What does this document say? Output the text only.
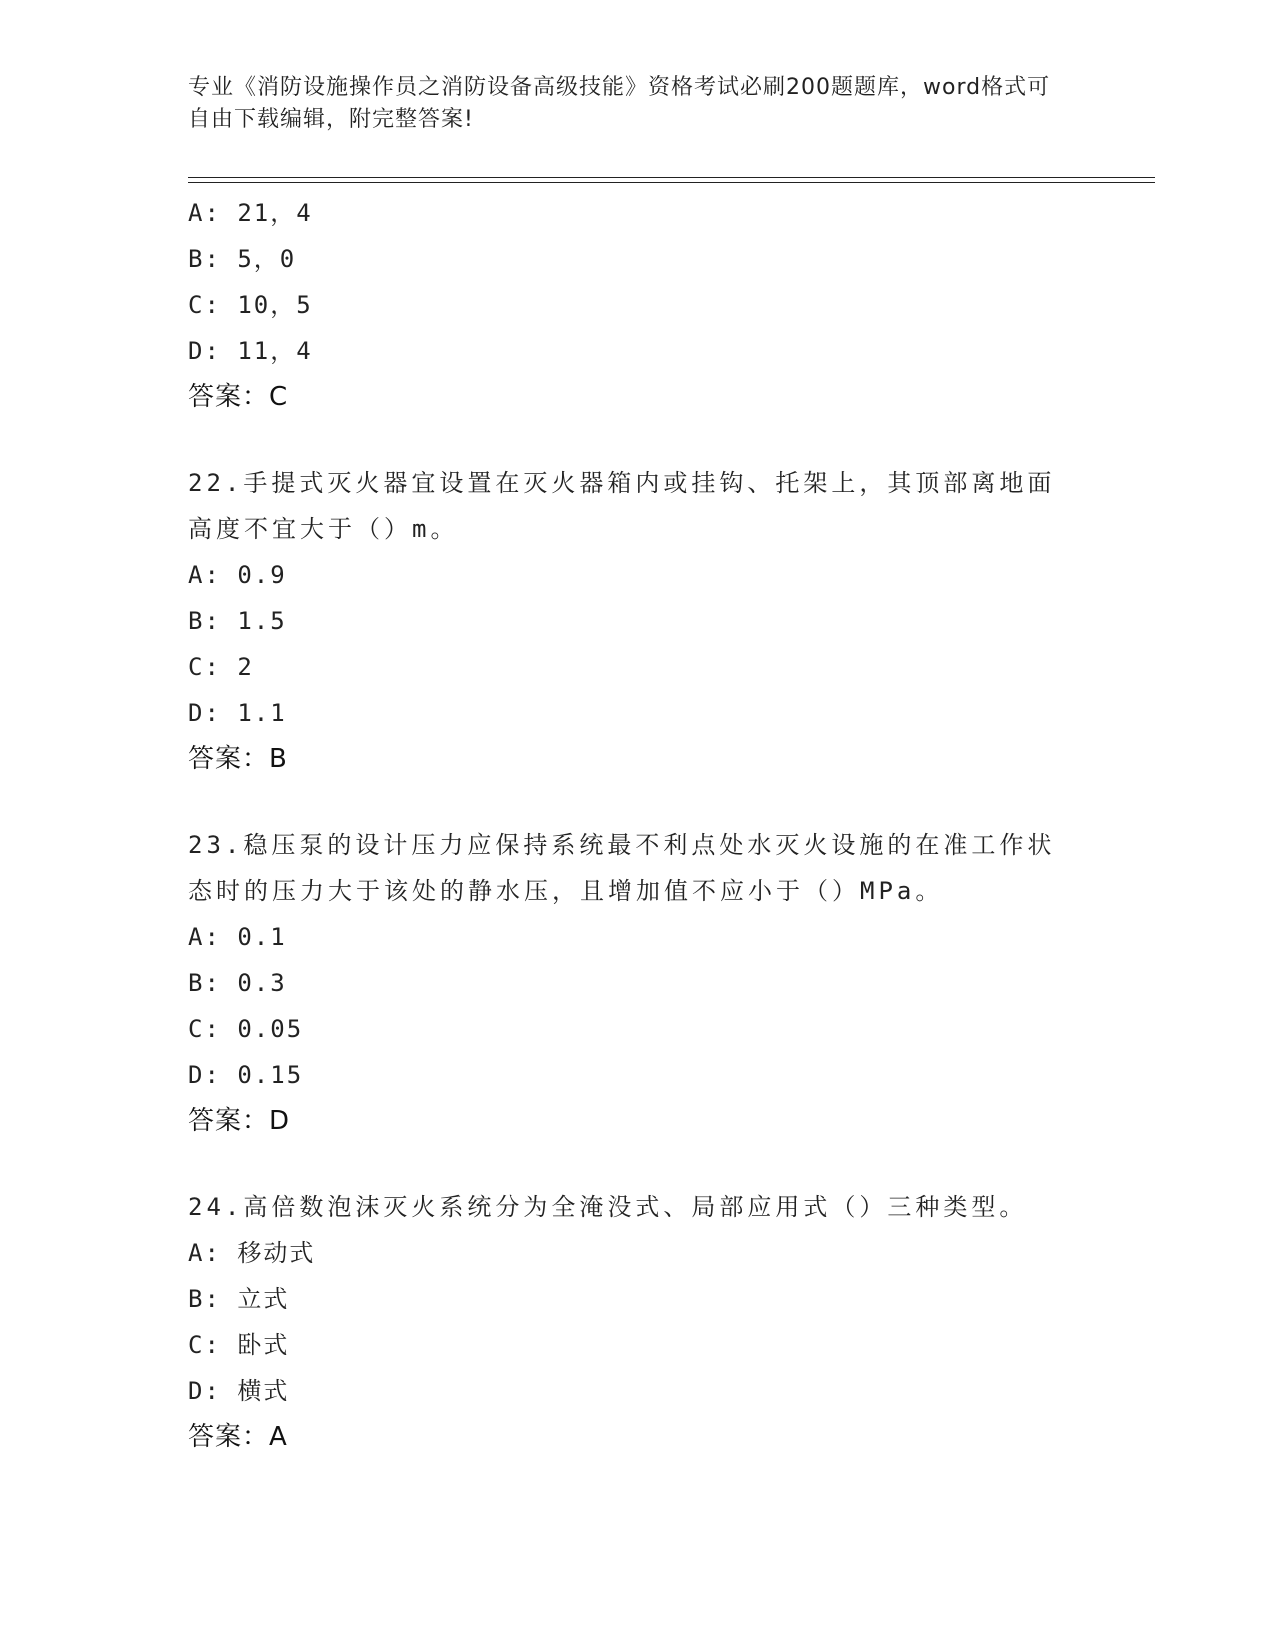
专业《消防设施操作员之消防设备高级技能》资格考试必刷200题题库，word格式可自由下载编辑，附完整答案!
A: 21，4
B: 5，0
C: 10，5
D: 11，4
答案：C
22.手提式灭火器宜设置在灭火器箱内或挂钩、托架上，其顶部离地面高度不宜大于（）m。
A: 0.9
B: 1.5
C: 2
D: 1.1
答案：B
23.稳压泵的设计压力应保持系统最不利点处水灭火设施的在准工作状态时的压力大于该处的静水压，且增加值不应小于（）MPa。
A: 0.1
B: 0.3
C: 0.05
D: 0.15
答案：D
24.高倍数泡沫灭火系统分为全淹没式、局部应用式（）三种类型。
A: 移动式
B: 立式
C: 卧式
D: 横式
答案：A
